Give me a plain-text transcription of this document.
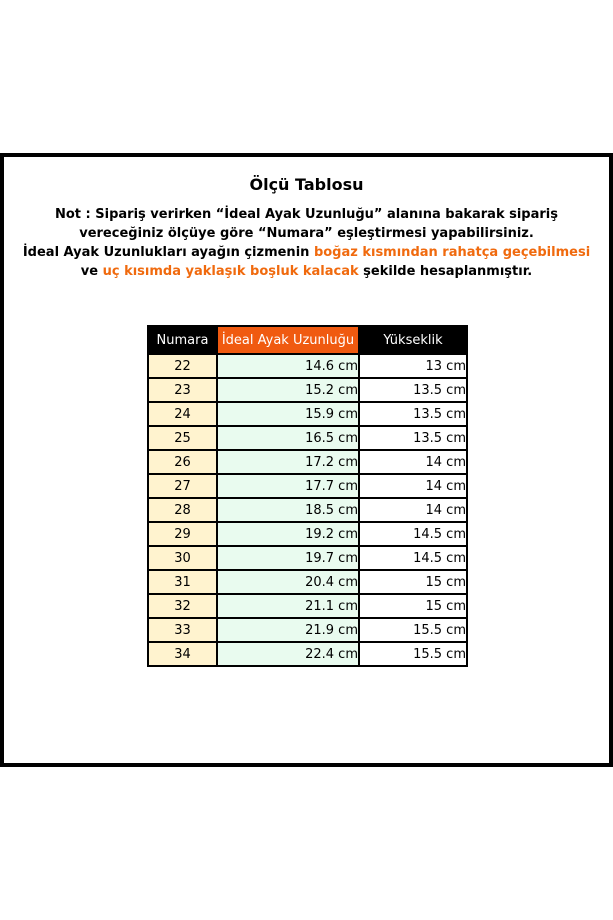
Ölçü Tablosu
Not : Sipariş verirken “İdeal Ayak Uzunluğu” alanına bakarak sipariş
vereceğiniz ölçüye göre “Numara” eşleştirmesi yapabilirsiniz.
İdeal Ayak Uzunlukları ayağın çizmenin boğaz kısmından rahatça geçebilmesi
ve uç kısımda yaklaşık boşluk kalacak şekilde hesaplanmıştır.
Numara	İdeal Ayak Uzunluğu	Yükseklik
22	14.6 cm	13 cm
23	15.2 cm	13.5 cm
24	15.9 cm	13.5 cm
25	16.5 cm	13.5 cm
26	17.2 cm	14 cm
27	17.7 cm	14 cm
28	18.5 cm	14 cm
29	19.2 cm	14.5 cm
30	19.7 cm	14.5 cm
31	20.4 cm	15 cm
32	21.1 cm	15 cm
33	21.9 cm	15.5 cm
34	22.4 cm	15.5 cm
